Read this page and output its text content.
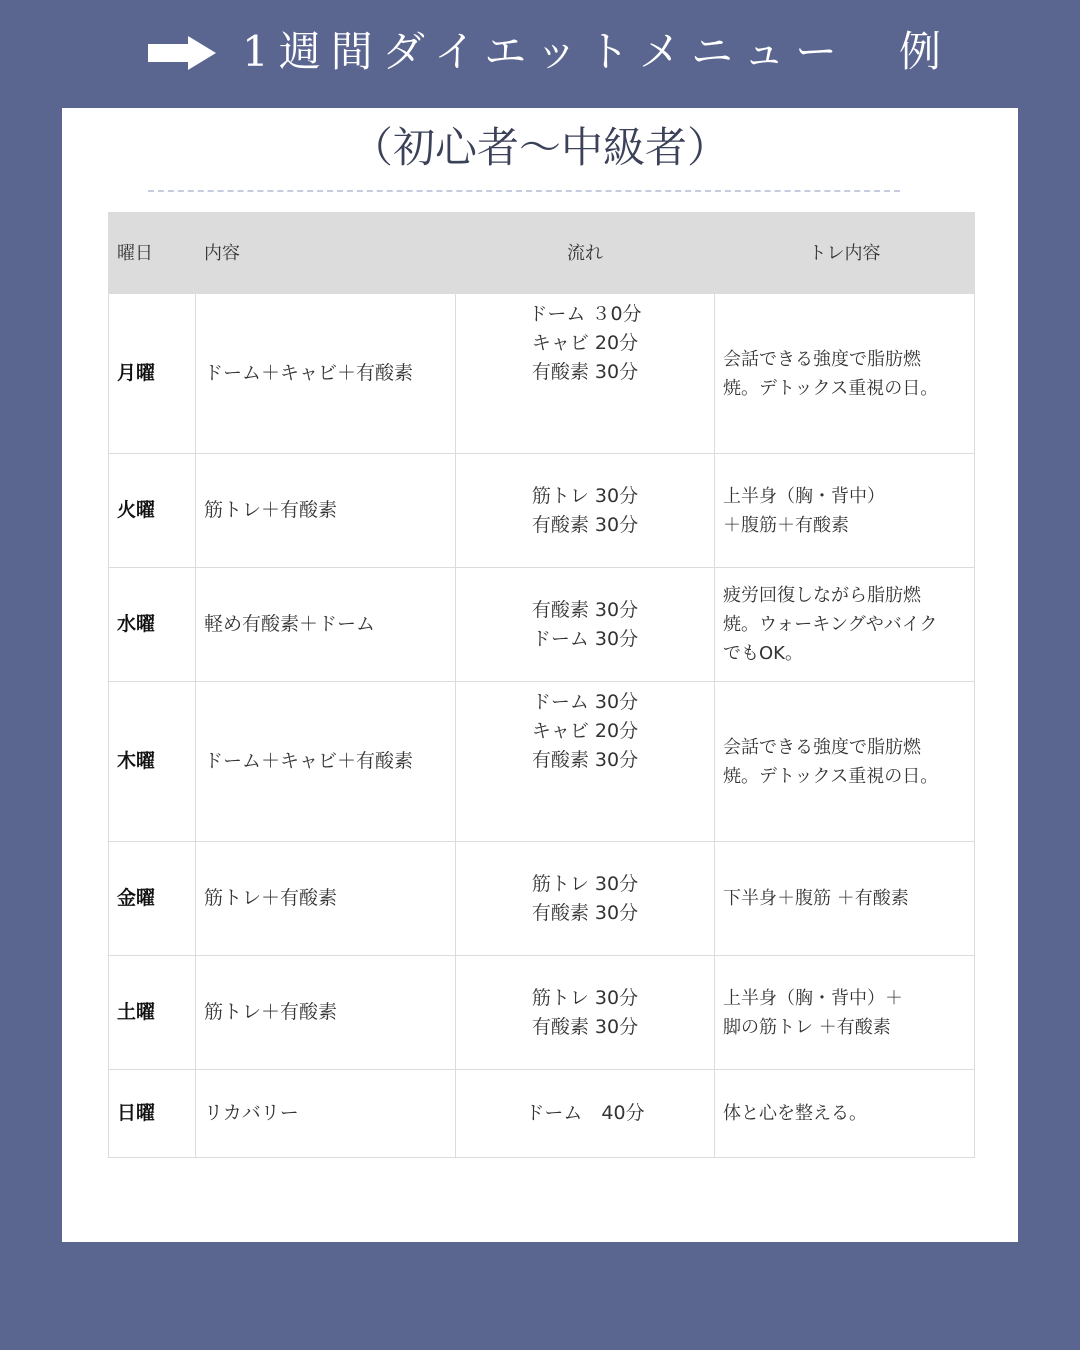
1週間ダイエットメニュー　例
（初心者〜中級者）
曜日	内容	流れ	トレ内容
月曜	ドーム＋キャビ＋有酸素	ドーム ３0分
キャビ 20分
有酸素 30分	会話できる強度で脂肪燃
焼。デトックス重視の日。

火曜	筋トレ＋有酸素	筋トレ 30分
有酸素 30分	上半身（胸・背中）
＋腹筋＋有酸素

水曜	軽め有酸素＋ドーム	有酸素 30分
ドーム 30分	疲労回復しながら脂肪燃
焼。ウォーキングやバイク
でもOK。

木曜	ドーム＋キャビ＋有酸素	ドーム 30分
キャビ 20分
有酸素 30分	会話できる強度で脂肪燃
焼。デトックス重視の日。

金曜	筋トレ＋有酸素	筋トレ 30分
有酸素 30分	下半身＋腹筋 ＋有酸素

土曜	筋トレ＋有酸素	筋トレ 30分
有酸素 30分	上半身（胸・背中）＋
脚の筋トレ ＋有酸素

日曜	リカバリー	ドーム　40分	体と心を整える。
